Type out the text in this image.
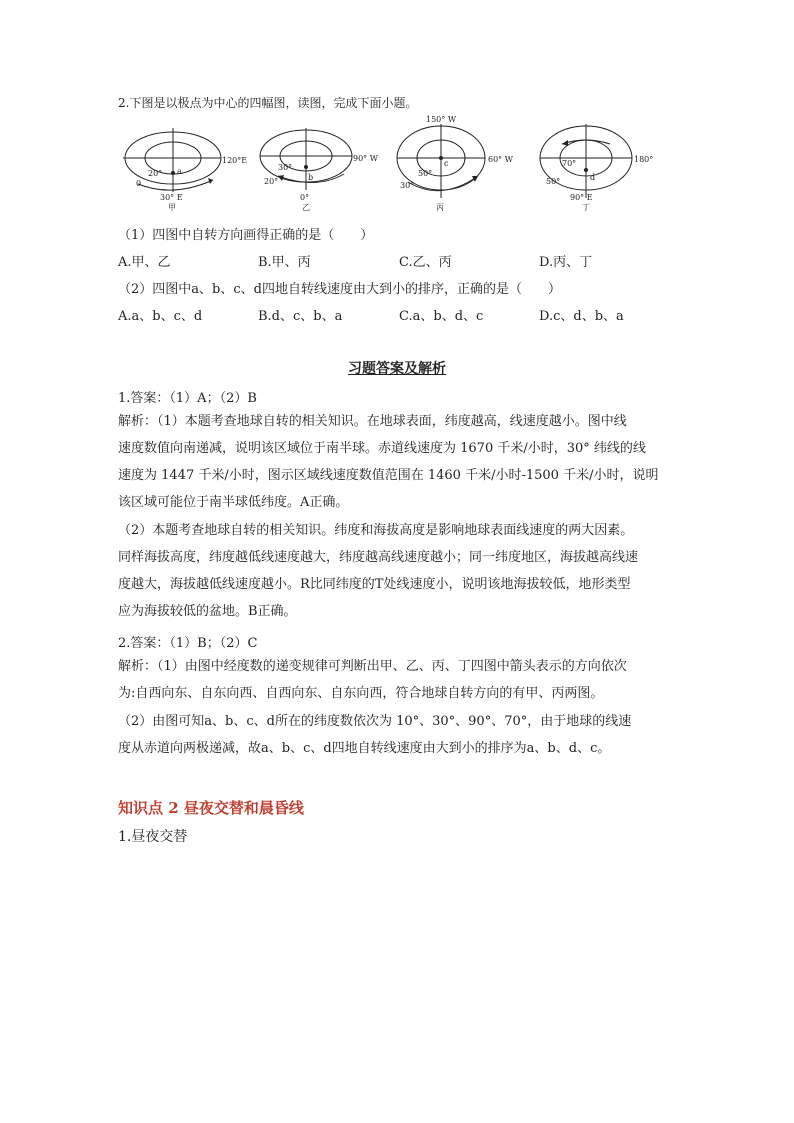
2.下图是以极点为中心的四幅图，读图，完成下面小题。
120°E
20°
0
a
30° E
甲
90° W
30°
20°	b
0°
乙
150° W
60° W
50°
30°
c
丙
180°
70°
50°	d
90° E
丁
（1）四图中自转方向画得正确的是（　　）
A.甲、乙	B.甲、丙	C.乙、丙	D.丙、丁
（2）四图中a、b、c、d四地自转线速度由大到小的排序，正确的是（　　）
A.a、b、c、d	B.d、c、b、a	C.a、b、d、c	D.c、d、b、a
习题答案及解析
1.答案：（1）A；（2）B
解析：（1）本题考查地球自转的相关知识。在地球表面，纬度越高，线速度越小。图中线
速度数值向南递减，说明该区域位于南半球。赤道线速度为 1670 千米/小时，30° 纬线的线
速度为 1447 千米/小时，图示区域线速度数值范围在 1460 千米/小时-1500 千米/小时，说明
该区域可能位于南半球低纬度。A正确。
（2）本题考查地球自转的相关知识。纬度和海拔高度是影响地球表面线速度的两大因素。
同样海拔高度，纬度越低线速度越大，纬度越高线速度越小；同一纬度地区，海拔越高线速
度越大，海拔越低线速度越小。R比同纬度的T处线速度小，说明该地海拔较低，地形类型
应为海拔较低的盆地。B正确。
2.答案：（1）B；（2）C
解析：（1）由图中经度数的递变规律可判断出甲、乙、丙、丁四图中箭头表示的方向依次
为:自西向东、自东向西、自西向东、自东向西，符合地球自转方向的有甲、丙两图。
（2）由图可知a、b、c、d所在的纬度数依次为 10°、30°、90°、70°，由于地球的线速
度从赤道向两极递减，故a、b、c、d四地自转线速度由大到小的排序为a、b、d、c。
知识点 2 昼夜交替和晨昏线
1.昼夜交替
